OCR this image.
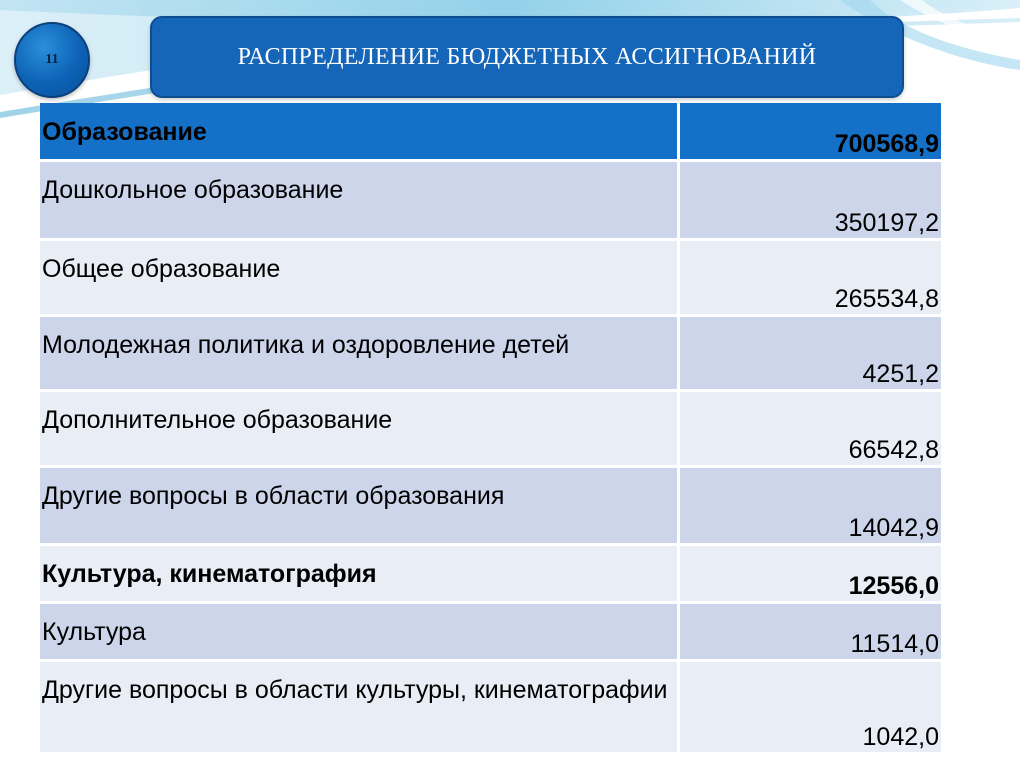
11	РАСПРЕДЕЛЕНИЕ БЮДЖЕТНЫХ АССИГНОВАНИЙ
Образование	700568,9
Дошкольное образование	350197,2
Общее образование	265534,8
Молодежная политика и оздоровление детей	4251,2
Дополнительное образование	66542,8
Другие вопросы в области образования	14042,9
Культура, кинематография	12556,0
Культура	11514,0
Другие вопросы в области культуры, кинематографии	1042,0
